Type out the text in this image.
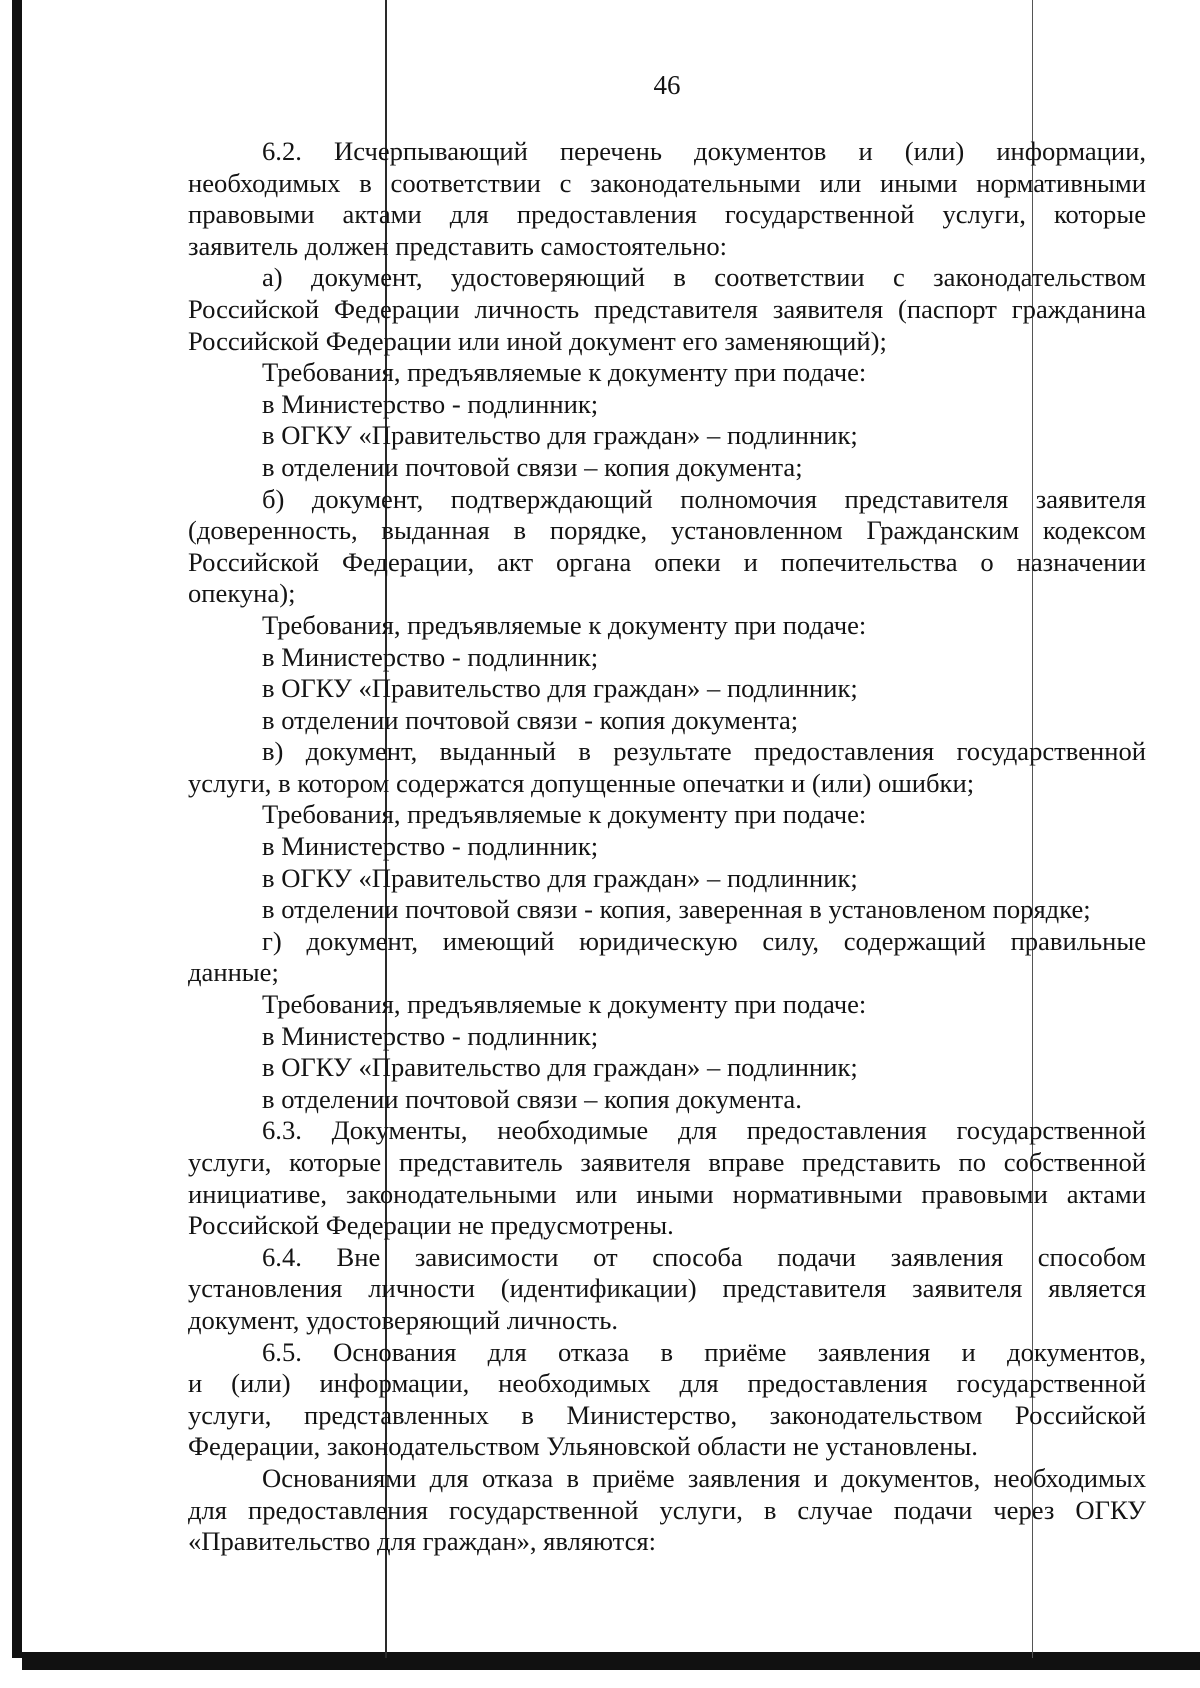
46

6.2. Исчерпывающий перечень документов и (или) информации,

необходимых в соответствии с законодательными или иными нормативными

правовыми актами для предоставления государственной услуги, которые

заявитель должен представить самостоятельно:

а) документ, удостоверяющий в соответствии с законодательством

Российской Федерации личность представителя заявителя (паспорт гражданина

Российской Федерации или иной документ его заменяющий);

Требования, предъявляемые к документу при подаче:

в Министерство - подлинник;

в ОГКУ «Правительство для граждан» – подлинник;

в отделении почтовой связи – копия документа;

б) документ, подтверждающий полномочия представителя заявителя

(доверенность, выданная в порядке, установленном Гражданским кодексом

Российской Федерации, акт органа опеки и попечительства о назначении

опекуна);

Требования, предъявляемые к документу при подаче:

в Министерство - подлинник;

в ОГКУ «Правительство для граждан» – подлинник;

в отделении почтовой связи - копия документа;

в) документ, выданный в результате предоставления государственной

услуги, в котором содержатся допущенные опечатки и (или) ошибки;

Требования, предъявляемые к документу при подаче:

в Министерство - подлинник;

в ОГКУ «Правительство для граждан» – подлинник;

в отделении почтовой связи - копия, заверенная в установленом порядке;

г) документ, имеющий юридическую силу, содержащий правильные

данные;

Требования, предъявляемые к документу при подаче:

в Министерство - подлинник;

в ОГКУ «Правительство для граждан» – подлинник;

в отделении почтовой связи – копия документа.

6.3. Документы, необходимые для предоставления государственной

услуги, которые представитель заявителя вправе представить по собственной

инициативе, законодательными или иными нормативными правовыми актами

Российской Федерации не предусмотрены.

6.4. Вне зависимости от способа подачи заявления способом

установления личности (идентификации) представителя заявителя является

документ, удостоверяющий личность.

6.5. Основания для отказа в приёме заявления и документов,

и (или) информации, необходимых для предоставления государственной

услуги, представленных в Министерство, законодательством Российской

Федерации, законодательством Ульяновской области не установлены.

Основаниями для отказа в приёме заявления и документов, необходимых

для предоставления государственной услуги, в случае подачи через ОГКУ

«Правительство для граждан», являются:
